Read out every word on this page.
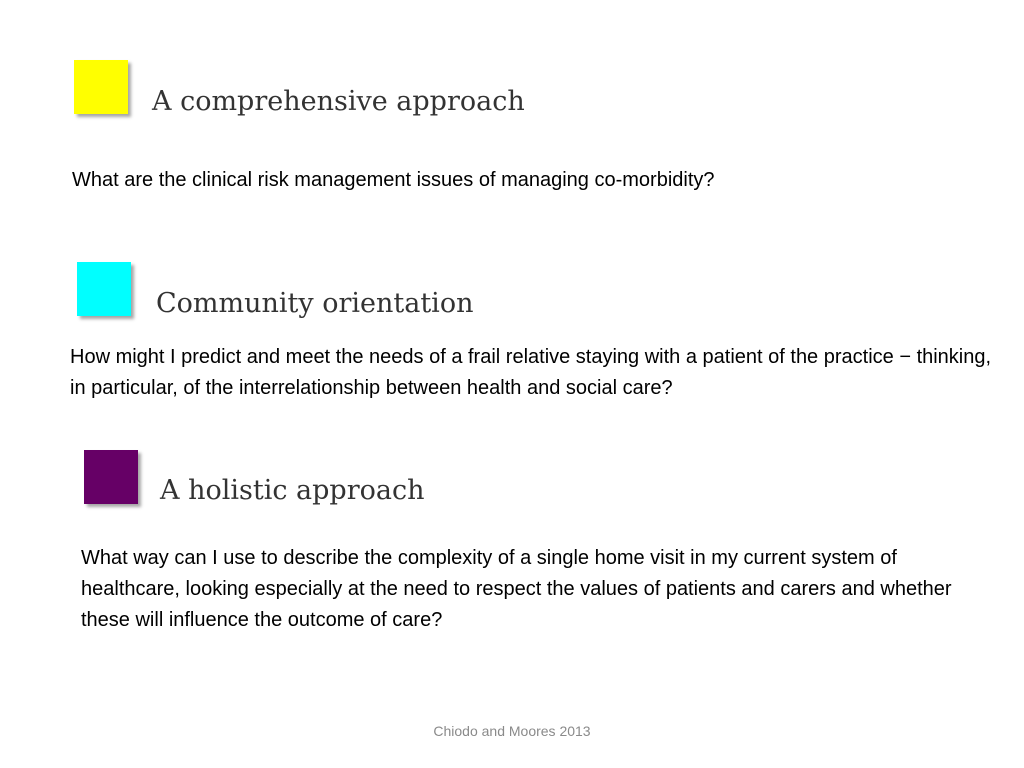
A comprehensive approach
What are the clinical risk management issues of managing co-morbidity?
Community orientation
How might I predict and meet the needs of a frail relative staying with a patient of the practice − thinking, in particular, of the interrelationship between health and social care?
A holistic approach
What way can I use to describe the complexity of a single home visit in my current system of healthcare, looking especially at the need to respect the values of patients and carers and whether these will influence the outcome of care?
Chiodo and Moores 2013
